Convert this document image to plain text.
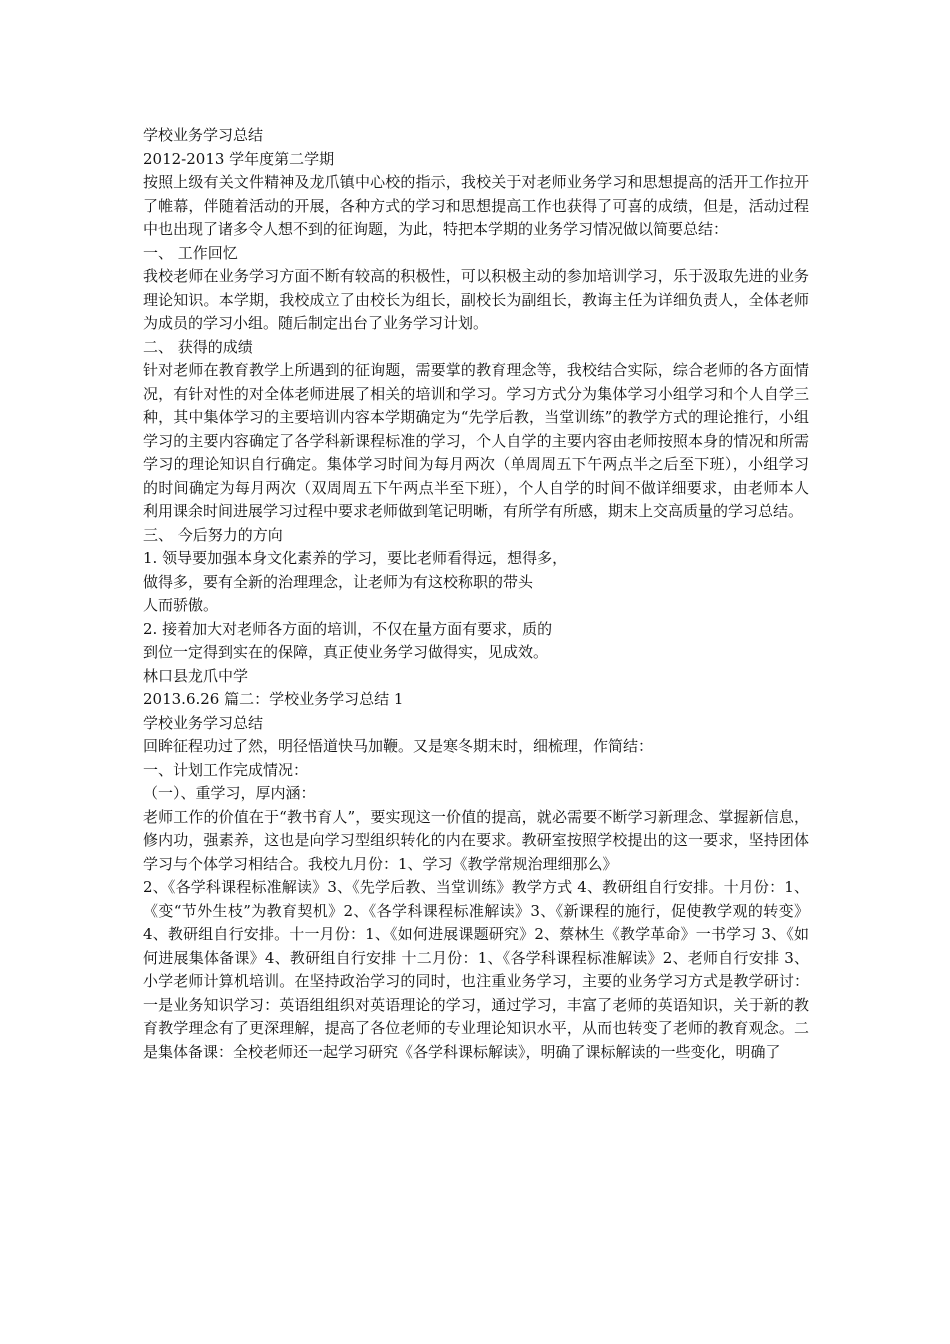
学校业务学习总结

2012-2013 学年度第二学期

按照上级有关文件精神及龙爪镇中心校的指示，我校关于对老师业务学习和思想提高的活开工作拉开了帷幕，伴随着活动的开展，各种方式的学习和思想提高工作也获得了可喜的成绩，但是，活动过程中也出现了诸多令人想不到的征询题，为此，特把本学期的业务学习情况做以简要总结：

一、 工作回忆

我校老师在业务学习方面不断有较高的积极性，可以积极主动的参加培训学习，乐于汲取先进的业务理论知识。本学期，我校成立了由校长为组长，副校长为副组长，教诲主任为详细负责人，全体老师为成员的学习小组。随后制定出台了业务学习计划。

二、 获得的成绩

针对老师在教育教学上所遇到的征询题，需要掌的教育理念等，我校结合实际，综合老师的各方面情况，有针对性的对全体老师进展了相关的培训和学习。学习方式分为集体学习小组学习和个人自学三种，其中集体学习的主要培训内容本学期确定为“先学后教，当堂训练”的教学方式的理论推行，小组学习的主要内容确定了各学科新课程标准的学习，个人自学的主要内容由老师按照本身的情况和所需学习的理论知识自行确定。集体学习时间为每月两次（单周周五下午两点半之后至下班），小组学习的时间确定为每月两次（双周周五下午两点半至下班），个人自学的时间不做详细要求，由老师本人利用课余时间进展学习过程中要求老师做到笔记明晰，有所学有所感，期末上交高质量的学习总结。

三、 今后努力的方向

1. 领导要加强本身文化素养的学习，要比老师看得远，想得多，

做得多，要有全新的治理理念，让老师为有这校称职的带头

人而骄傲。

2. 接着加大对老师各方面的培训，不仅在量方面有要求，质的

到位一定得到实在的保障，真正使业务学习做得实，见成效。

林口县龙爪中学

2013.6.26 篇二：学校业务学习总结 1

学校业务学习总结

回眸征程功过了然，明径悟道快马加鞭。又是寒冬期末时，细梳理，作简结：

一、计划工作完成情况：

（一）、重学习，厚内涵：

老师工作的价值在于“教书育人”，要实现这一价值的提高，就必需要不断学习新理念、掌握新信息，修内功，强素养，这也是向学习型组织转化的内在要求。教研室按照学校提出的这一要求，坚持团体学习与个体学习相结合。我校九月份：1、学习《教学常规治理细那么》

2、《各学科课程标准解读》3、《先学后教、当堂训练》教学方式 4、教研组自行安排。十月份：1、《变“节外生枝”为教育契机》2、《各学科课程标准解读》3、《新课程的施行，促使教学观的转变》4、教研组自行安排。十一月份：1、《如何进展课题研究》2、蔡林生《教学革命》一书学习 3、《如何进展集体备课》4、教研组自行安排 十二月份：1、《各学科课程标准解读》2、老师自行安排 3、小学老师计算机培训。在坚持政治学习的同时，也注重业务学习，主要的业务学习方式是教学研讨：一是业务知识学习：英语组组织对英语理论的学习，通过学习，丰富了老师的英语知识，关于新的教育教学理念有了更深理解，提高了各位老师的专业理论知识水平，从而也转变了老师的教育观念。二是集体备课：全校老师还一起学习研究《各学科课标解读》，明确了课标解读的一些变化，明确了
